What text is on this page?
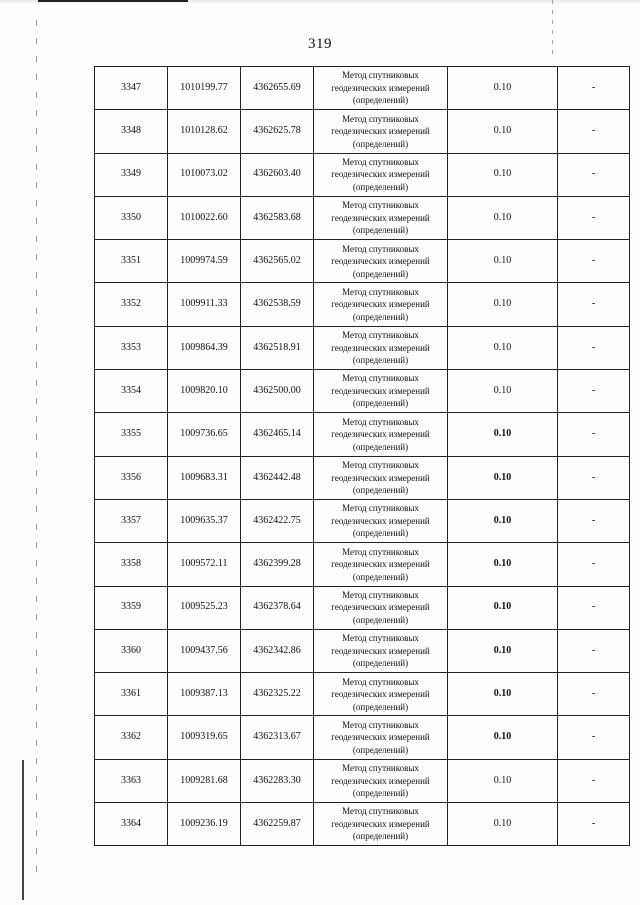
319
3347	1010199.77	4362655.69	Метод спутниковых
геодезических измерений
(определений)	0.10	-
3348	1010128.62	4362625.78	Метод спутниковых
геодезических измерений
(определений)	0.10	-
3349	1010073.02	4362603.40	Метод спутниковых
геодезических измерений
(определений)	0.10	-
3350	1010022.60	4362583.68	Метод спутниковых
геодезических измерений
(определений)	0.10	-
3351	1009974.59	4362565.02	Метод спутниковых
геодезических измерений
(определений)	0.10	-
3352	1009911.33	4362538.59	Метод спутниковых
геодезических измерений
(определений)	0.10	-
3353	1009864.39	4362518.91	Метод спутниковых
геодезических измерений
(определений)	0.10	-
3354	1009820.10	4362500.00	Метод спутниковых
геодезических измерений
(определений)	0.10	-
3355	1009736.65	4362465.14	Метод спутниковых
геодезических измерений
(определений)	0.10	-
3356	1009683.31	4362442.48	Метод спутниковых
геодезических измерений
(определений)	0.10	-
3357	1009635.37	4362422.75	Метод спутниковых
геодезических измерений
(определений)	0.10	-
3358	1009572.11	4362399.28	Метод спутниковых
геодезических измерений
(определений)	0.10	-
3359	1009525.23	4362378.64	Метод спутниковых
геодезических измерений
(определений)	0.10	-
3360	1009437.56	4362342.86	Метод спутниковых
геодезических измерений
(определений)	0.10	-
3361	1009387.13	4362325.22	Метод спутниковых
геодезических измерений
(определений)	0.10	-
3362	1009319.65	4362313.67	Метод спутниковых
геодезических измерений
(определений)	0.10	-
3363	1009281.68	4362283.30	Метод спутниковых
геодезических измерений
(определений)	0.10	-
3364	1009236.19	4362259.87	Метод спутниковых
геодезических измерений
(определений)	0.10	-
